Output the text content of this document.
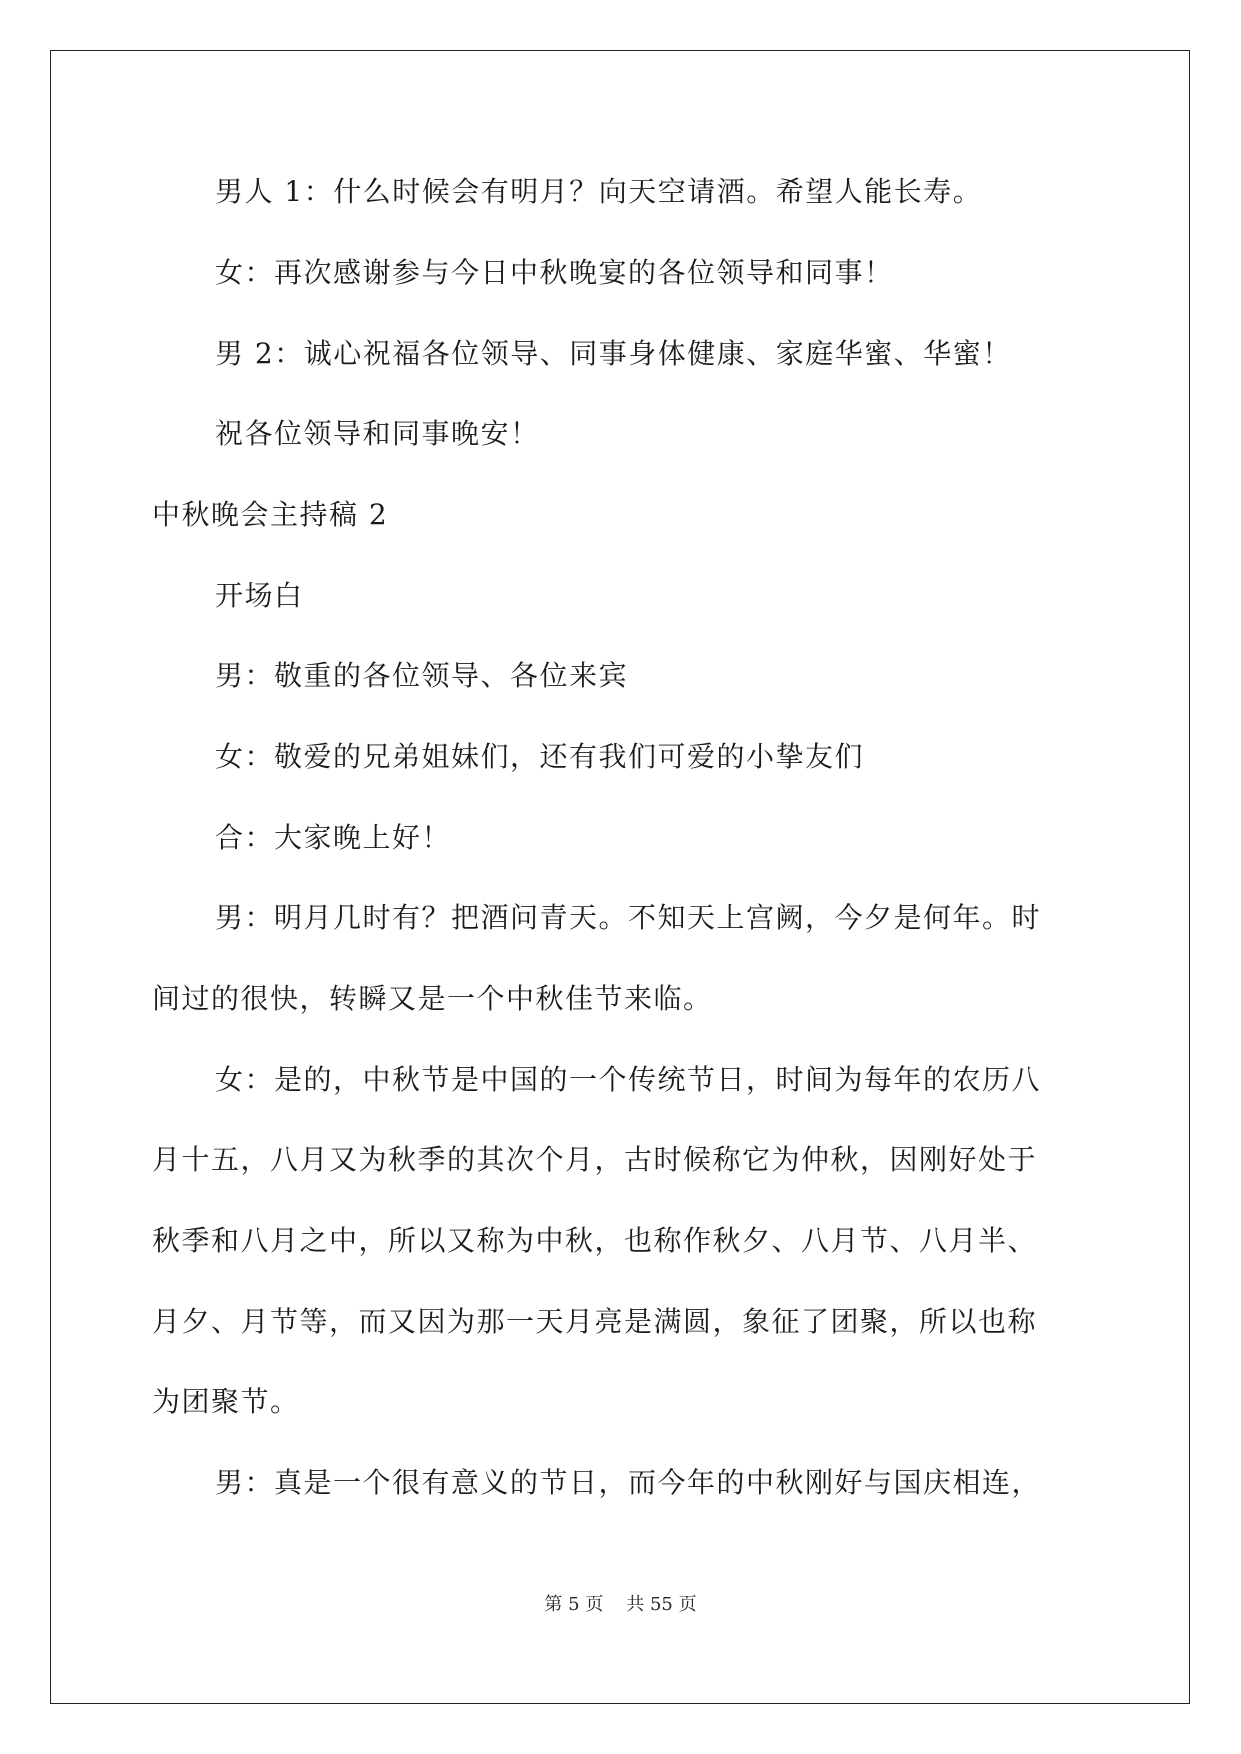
男人 1：什么时候会有明月？向天空请酒。希望人能长寿。
女：再次感谢参与今日中秋晚宴的各位领导和同事！
男 2：诚心祝福各位领导、同事身体健康、家庭华蜜、华蜜！
祝各位领导和同事晚安！
中秋晚会主持稿 2
开场白
男：敬重的各位领导、各位来宾
女：敬爱的兄弟姐妹们，还有我们可爱的小挚友们
合：大家晚上好！
男：明月几时有？把酒问青天。不知天上宫阙，今夕是何年。时
间过的很快，转瞬又是一个中秋佳节来临。
女：是的，中秋节是中国的一个传统节日，时间为每年的农历八
月十五，八月又为秋季的其次个月，古时候称它为仲秋，因刚好处于
秋季和八月之中，所以又称为中秋，也称作秋夕、八月节、八月半、
月夕、月节等，而又因为那一天月亮是满圆，象征了团聚，所以也称
为团聚节。
男：真是一个很有意义的节日，而今年的中秋刚好与国庆相连，
第 5 页 共 55 页
